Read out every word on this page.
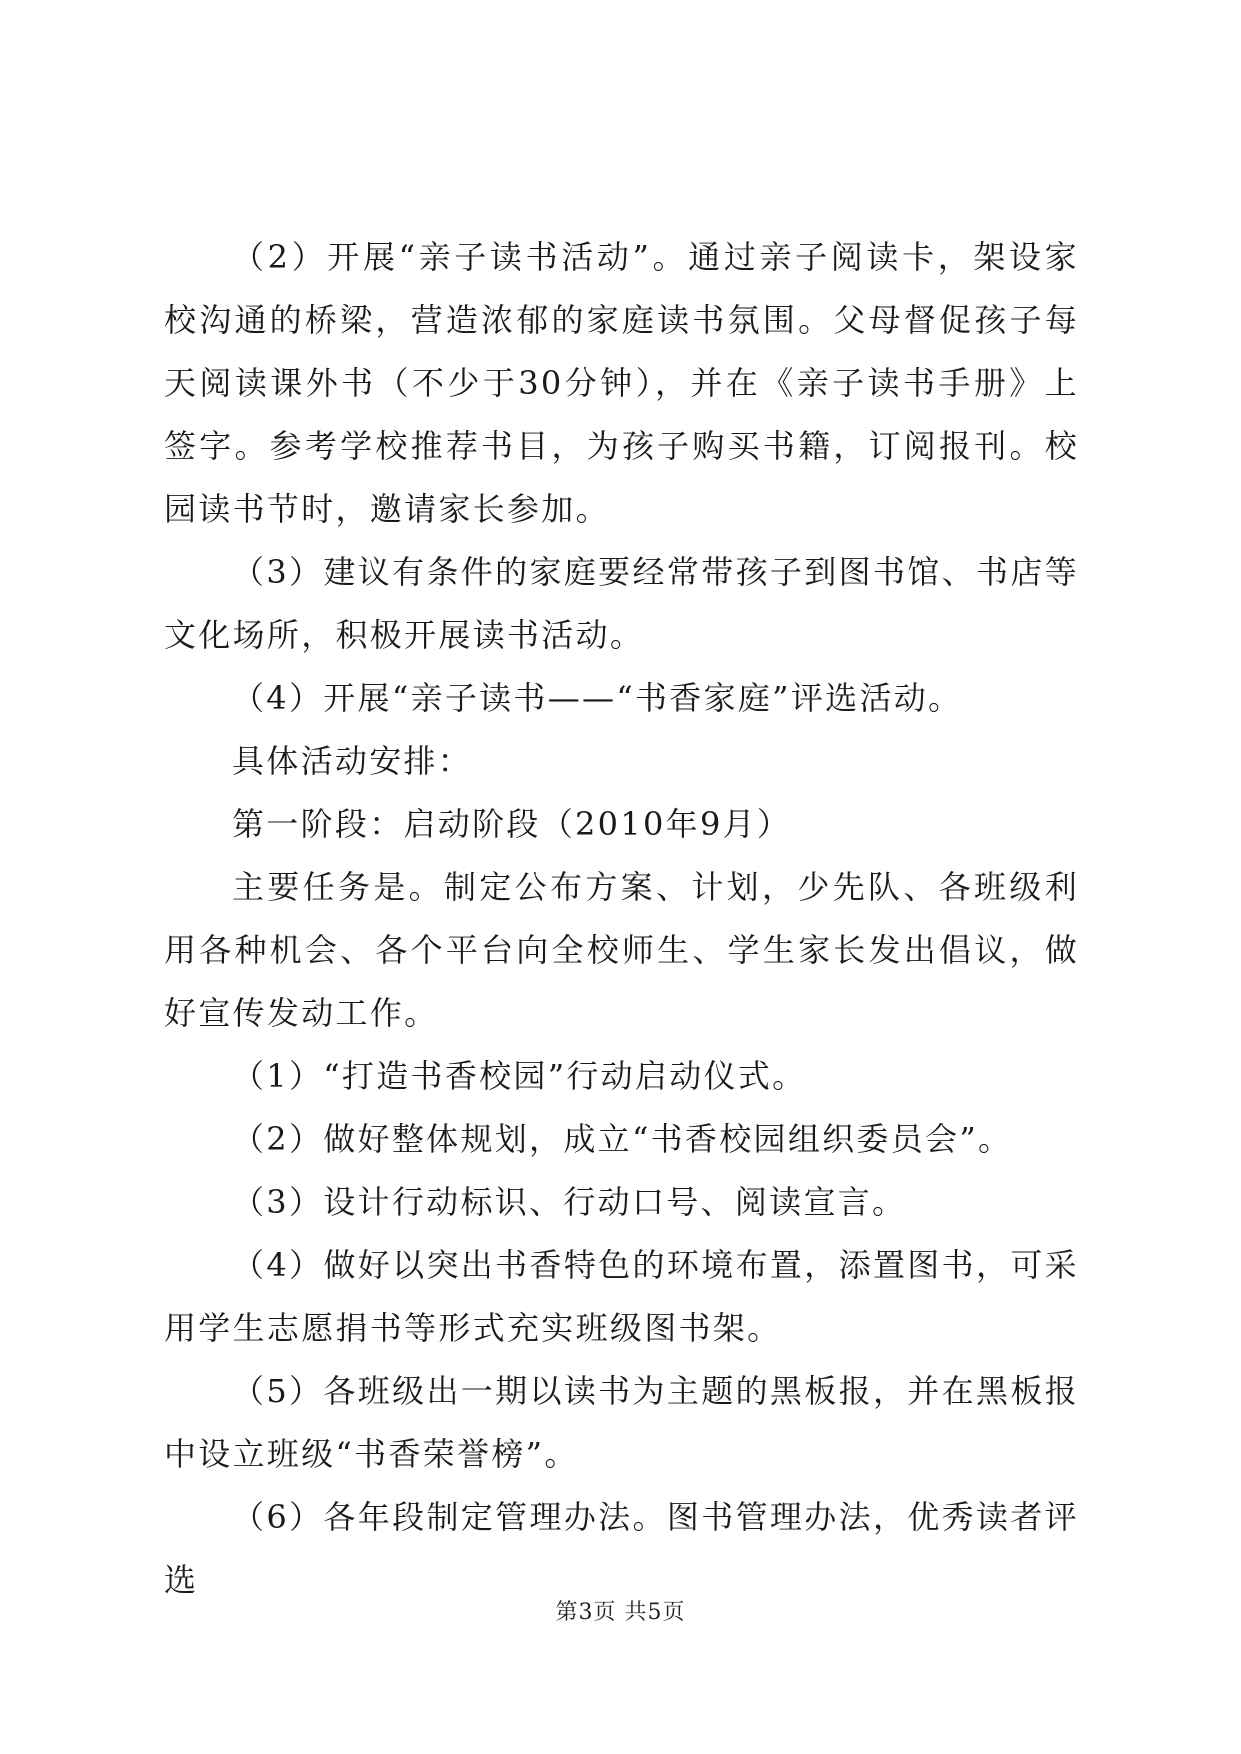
（2）开展“亲子读书活动”。通过亲子阅读卡，架设家校沟通的桥梁，营造浓郁的家庭读书氛围。父母督促孩子每天阅读课外书（不少于30分钟），并在《亲子读书手册》上签字。参考学校推荐书目，为孩子购买书籍，订阅报刊。校园读书节时，邀请家长参加。

（3）建议有条件的家庭要经常带孩子到图书馆、书店等文化场所，积极开展读书活动。

（4）开展“亲子读书——“书香家庭”评选活动。

具体活动安排：

第一阶段：启动阶段（2010年9月）

主要任务是。制定公布方案、计划，少先队、各班级利用各种机会、各个平台向全校师生、学生家长发出倡议，做好宣传发动工作。

（1）“打造书香校园”行动启动仪式。

（2）做好整体规划，成立“书香校园组织委员会”。

（3）设计行动标识、行动口号、阅读宣言。

（4）做好以突出书香特色的环境布置，添置图书，可采用学生志愿捐书等形式充实班级图书架。

（5）各班级出一期以读书为主题的黑板报，并在黑板报中设立班级“书香荣誉榜”。

（6）各年段制定管理办法。图书管理办法，优秀读者评选

第3页 共5页
